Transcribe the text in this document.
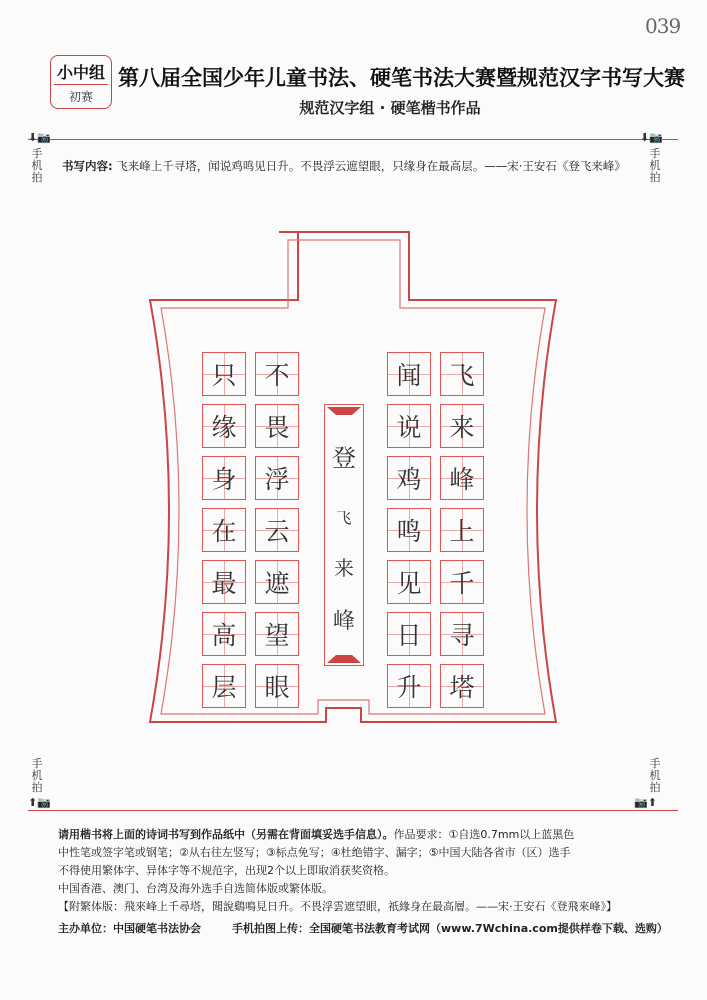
039
小中组
初赛
第八届全国少年儿童书法、硬笔书法大赛暨规范汉字书写大赛
规范汉字组 · 硬笔楷书作品
⬇📷	⬇📷
手机拍
手机拍
书写内容: 飞来峰上千寻塔，闻说鸡鸣见日升。不畏浮云遮望眼，只缘身在最高层。——宋·王安石《登飞来峰》
登
飞
来
峰
飞
来
峰
上
千
寻
塔
闻
说
鸡
鸣
见
日
升
不
畏
浮
云
遮
望
眼
只
缘
身
在
最
高
层
手机拍
手机拍
⬆📷	📷⬆
请用楷书将上面的诗词书写到作品纸中（另需在背面填妥选手信息）。作品要求：①自选0.7mm以上蓝黑色
中性笔或签字笔或钢笔；②从右往左竖写；③标点免写；④杜绝错字、漏字；⑤中国大陆各省市（区）选手
不得使用繁体字、异体字等不规范字，出现2个以上即取消获奖资格。
中国香港、澳门、台湾及海外选手自选简体版或繁体版。
【附繁体版：飛來峰上千尋塔，聞說鷄鳴見日升。不畏浮雲遮望眼，祇緣身在最高層。——宋·王安石《登飛來峰》】
主办单位：中国硬笔书法协会	手机拍图上传：全国硬笔书法教育考试网（www.7Wchina.com提供样卷下载、选购）
